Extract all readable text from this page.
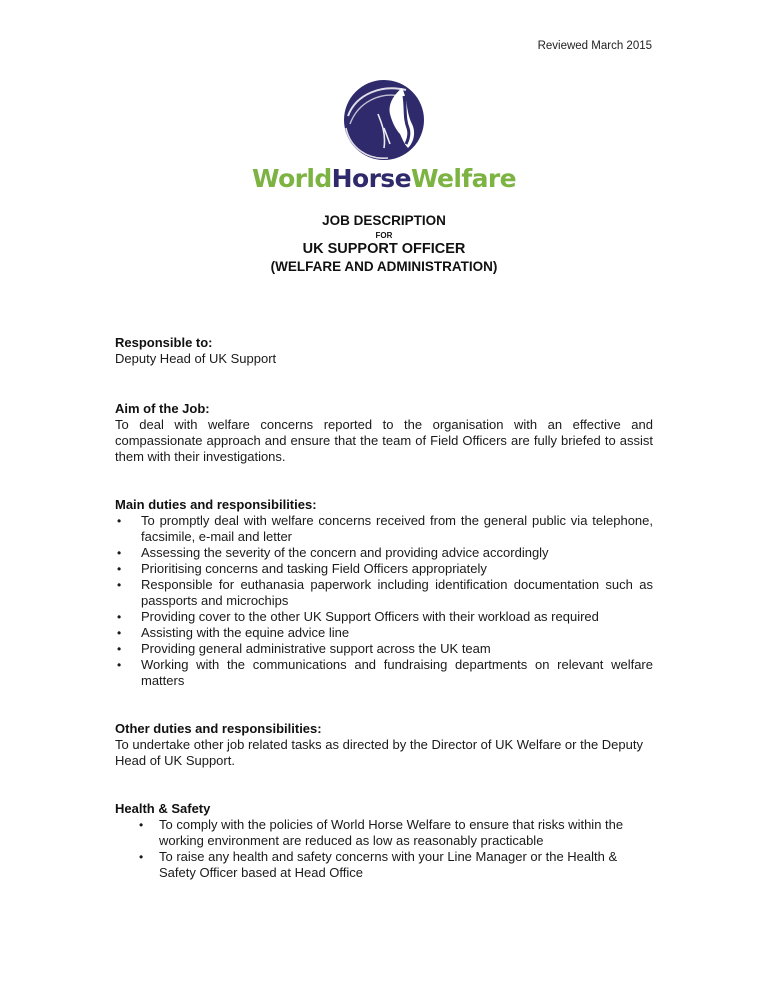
Reviewed March 2015
WorldHorseWelfare
JOB DESCRIPTION
FOR
UK SUPPORT OFFICER
(WELFARE AND ADMINISTRATION)
Responsible to:
Deputy Head of UK Support
Aim of the Job:
To deal with welfare concerns reported to the organisation with an effective and compassionate approach and ensure that the team of Field Officers are fully briefed to assist them with their investigations.
Main duties and responsibilities:
• To promptly deal with welfare concerns received from the general public via telephone, facsimile, e-mail and letter
• Assessing the severity of the concern and providing advice accordingly
• Prioritising concerns and tasking Field Officers appropriately
• Responsible for euthanasia paperwork including identification documentation such as passports and microchips
• Providing cover to the other UK Support Officers with their workload as required
• Assisting with the equine advice line
• Providing general administrative support across the UK team
• Working with the communications and fundraising departments on relevant welfare matters
Other duties and responsibilities:
To undertake other job related tasks as directed by the Director of UK Welfare or the Deputy Head of UK Support.
Health & Safety
• To comply with the policies of World Horse Welfare to ensure that risks within the working environment are reduced as low as reasonably practicable
• To raise any health and safety concerns with your Line Manager or the Health & Safety Officer based at Head Office
